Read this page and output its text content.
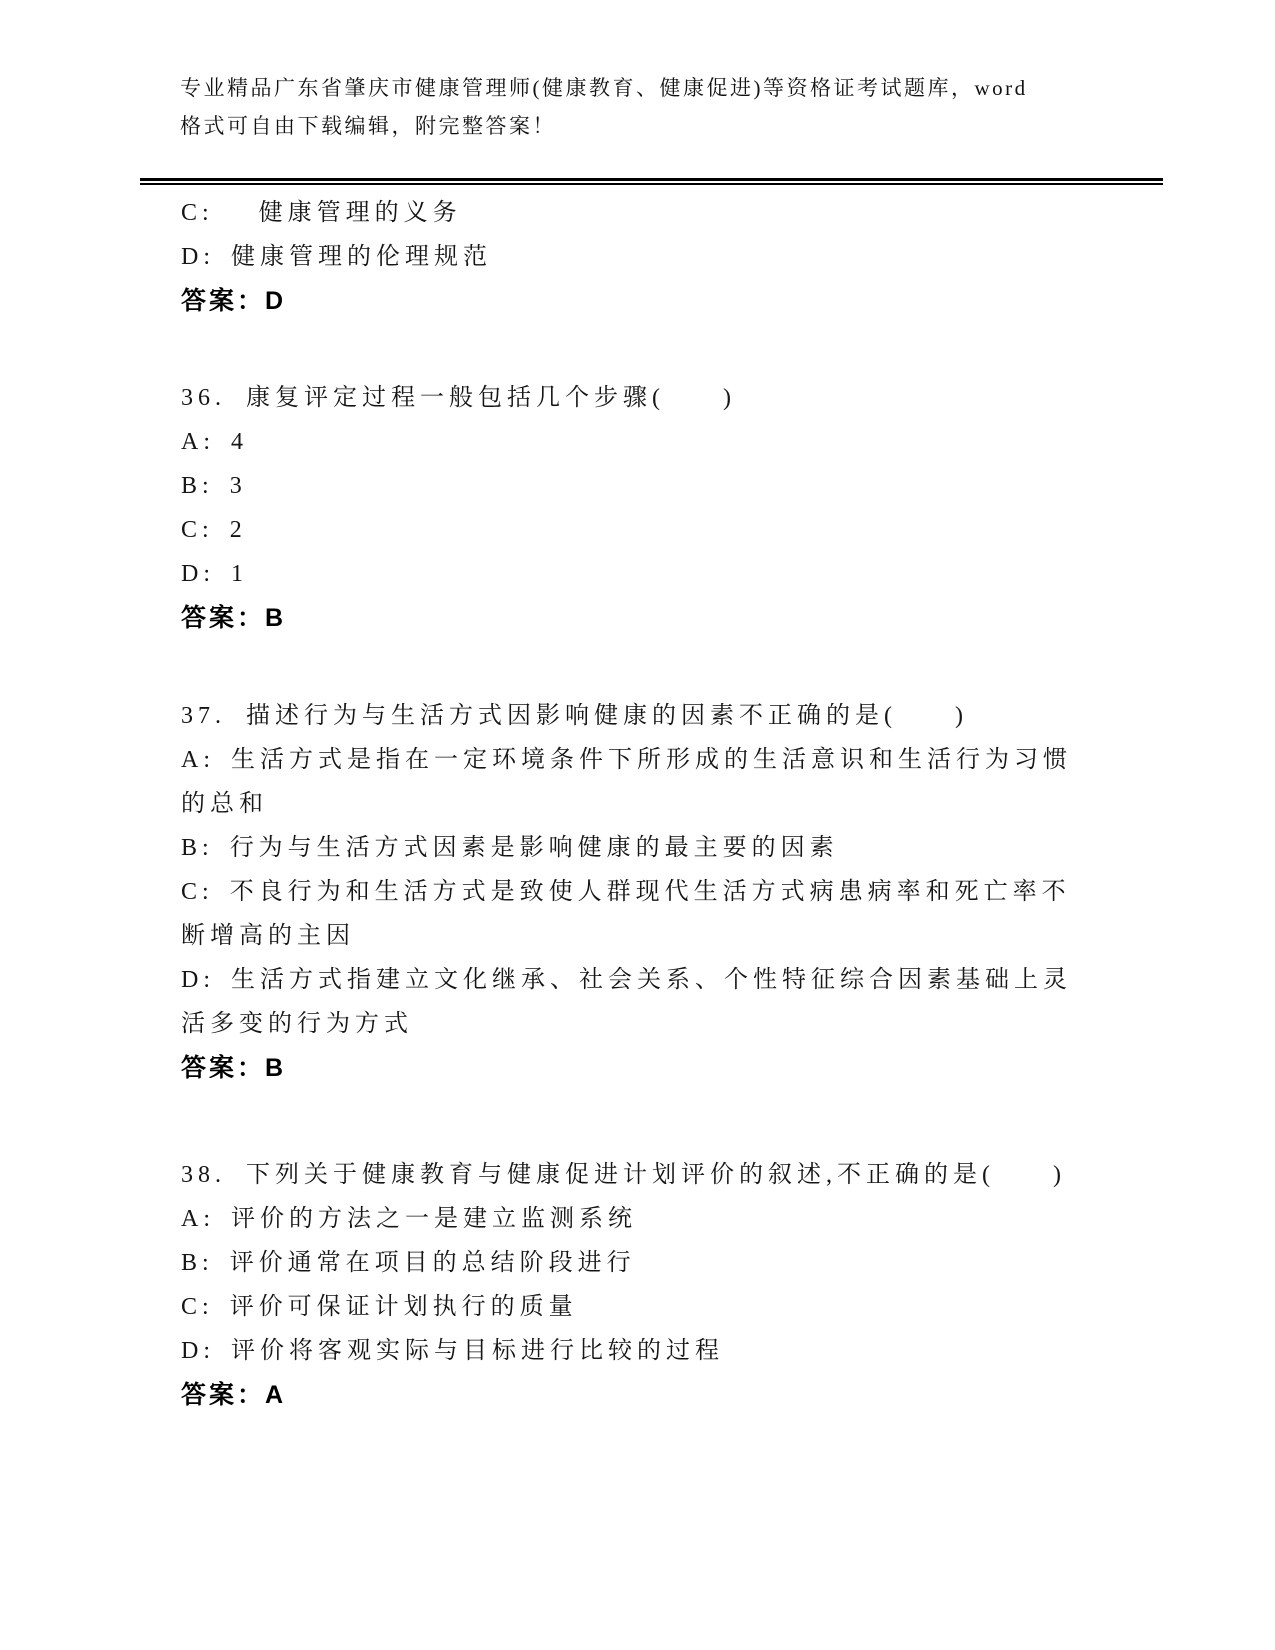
专业精品广东省肇庆市健康管理师(健康教育、健康促进)等资格证考试题库，word
格式可自由下载编辑，附完整答案！
C:　健康管理的义务
D: 健康管理的伦理规范
答案：D
36. 康复评定过程一般包括几个步骤(　　)
A: 4
B: 3
C: 2
D: 1
答案：B
37. 描述行为与生活方式因影响健康的因素不正确的是(　　)
A: 生活方式是指在一定环境条件下所形成的生活意识和生活行为习惯
的总和
B: 行为与生活方式因素是影响健康的最主要的因素
C: 不良行为和生活方式是致使人群现代生活方式病患病率和死亡率不
断增高的主因
D: 生活方式指建立文化继承、社会关系、个性特征综合因素基础上灵
活多变的行为方式
答案：B
38. 下列关于健康教育与健康促进计划评价的叙述,不正确的是(　　)
A: 评价的方法之一是建立监测系统
B: 评价通常在项目的总结阶段进行
C: 评价可保证计划执行的质量
D: 评价将客观实际与目标进行比较的过程
答案：A
